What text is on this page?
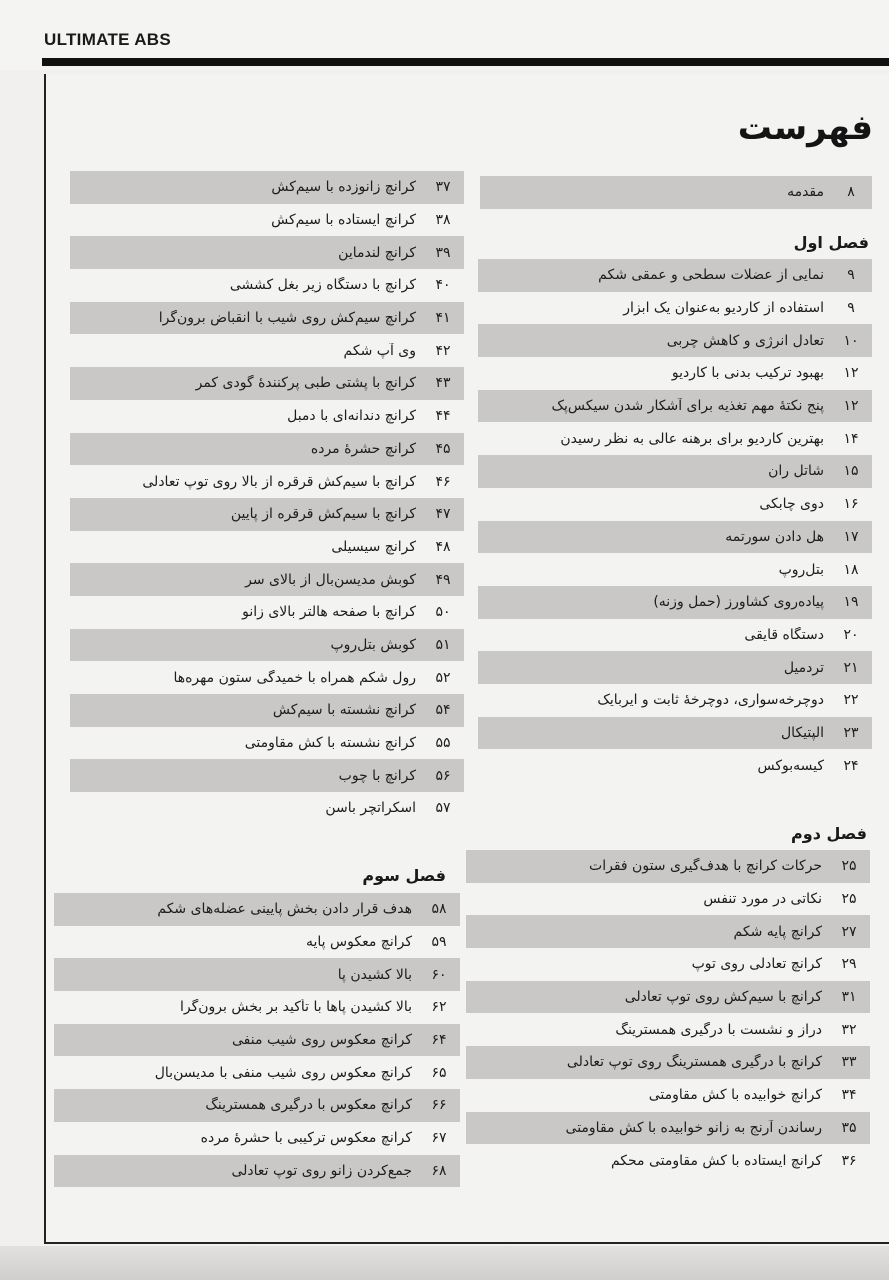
ULTIMATE ABS
فهرست
۸
مقدمه
فصل اول
۹
نمایی از عضلات سطحی و عمقی شکم
۹
استفاده از کاردیو به‌عنوان یک ابزار
۱۰
تعادل انرژی و کاهش چربی
۱۲
بهبود ترکیب بدنی با کاردیو
۱۲
پنج نکتۀ مهم تغذیه برای آشکار شدن سیکس‌پک
۱۴
بهترین کاردیو برای برهنه عالی به نظر رسیدن
۱۵
شاتل ران
۱۶
دوی چابکی
۱۷
هل دادن سورتمه
۱۸
بتل‌روپ
۱۹
پیاده‌روی کشاورز (حمل وزنه)
۲۰
دستگاه قایقی
۲۱
تردمیل
۲۲
دوچرخه‌سواری، دوچرخۀ ثابت و ایربایک
۲۳
الپتیکال
۲۴
کیسه‌بوکس
فصل دوم
۲۵
حرکات کرانچ با هدف‌گیری ستون فقرات
۲۵
نکاتی در مورد تنفس
۲۷
کرانچ پایه شکم
۲۹
کرانچ تعادلی روی توپ
۳۱
کرانچ با سیم‌کش روی توپ تعادلی
۳۲
دراز و نشست با درگیری همسترینگ
۳۳
کرانچ با درگیری همسترینگ روی توپ تعادلی
۳۴
کرانچ خوابیده با کش مقاومتی
۳۵
رساندن آرنج به زانو خوابیده با کش مقاومتی
۳۶
کرانچ ایستاده با کش مقاومتی محکم
۳۷
کرانچ زانوزده با سیم‌کش
۳۸
کرانچ ایستاده با سیم‌کش
۳۹
کرانچ لندماین
۴۰
کرانچ با دستگاه زیر بغل کششی
۴۱
کرانچ سیم‌کش روی شیب با انقباض برون‌گرا
۴۲
وی آپ شکم
۴۳
کرانچ با پشتی طبی پرکنندۀ گودی کمر
۴۴
کرانچ دندانه‌ای با دمبل
۴۵
کرانچ حشرۀ مرده
۴۶
کرانچ با سیم‌کش قرقره از بالا روی توپ تعادلی
۴۷
کرانچ با سیم‌کش قرقره از پایین
۴۸
کرانچ سیسیلی
۴۹
کوبش مدیسن‌بال از بالای سر
۵۰
کرانچ با صفحه هالتر بالای زانو
۵۱
کوبش بتل‌روپ
۵۲
رول شکم همراه با خمیدگی ستون مهره‌ها
۵۴
کرانچ نشسته با سیم‌کش
۵۵
کرانچ نشسته با کش مقاومتی
۵۶
کرانچ با چوب
۵۷
اسکراتچر باسن
فصل سوم
۵۸
هدف قرار دادن بخش پایینی عضله‌های شکم
۵۹
کرانچ معکوس پایه
۶۰
بالا کشیدن پا
۶۲
بالا کشیدن پاها با تأکید بر بخش برون‌گرا
۶۴
کرانچ معکوس روی شیب منفی
۶۵
کرانچ معکوس روی شیب منفی با مدیسن‌بال
۶۶
کرانچ معکوس با درگیری همسترینگ
۶۷
کرانچ معکوس ترکیبی با حشرۀ مرده
۶۸
جمع‌کردن زانو روی توپ تعادلی
